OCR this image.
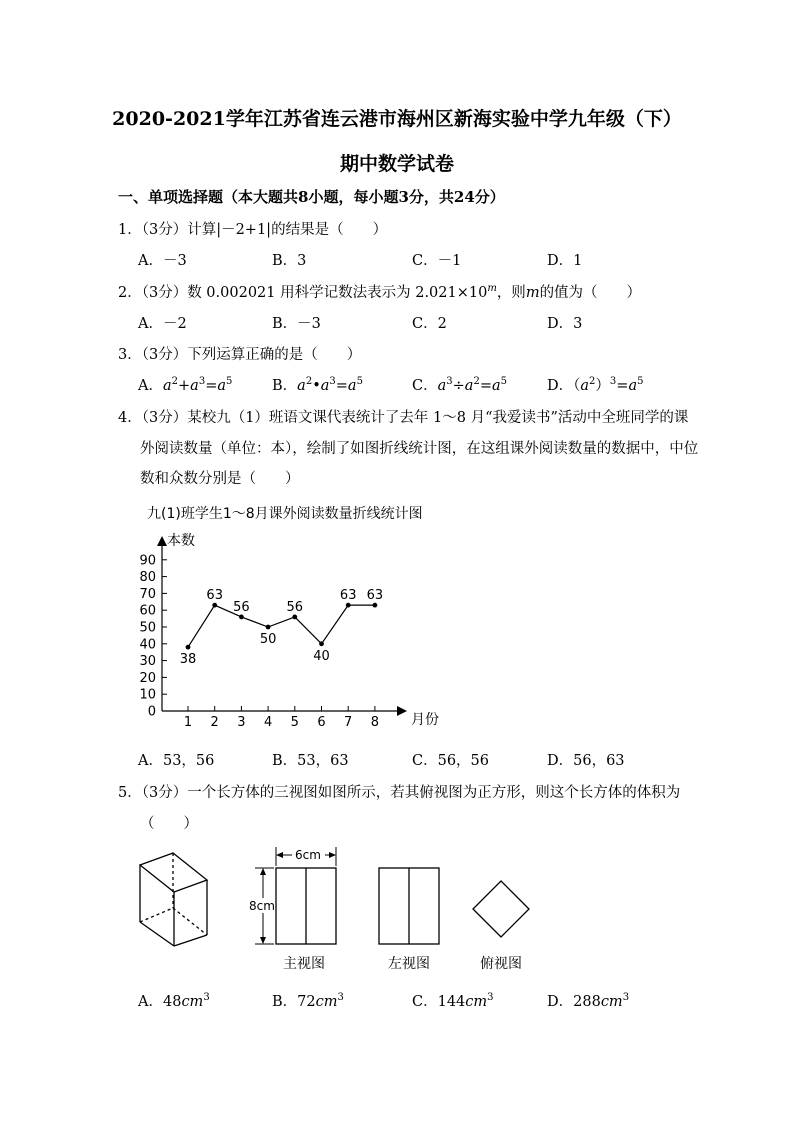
2020-2021学年江苏省连云港市海州区新海实验中学九年级（下）
期中数学试卷
一、单项选择题（本大题共8小题，每小题3分，共24分）
1．（3分）计算|－2+1|的结果是（　　）
A．－3	B．3	C．－1	D．1
2．（3分）数 0.002021 用科学记数法表示为 $2.021\times 10^m$，则m的值为（　　）
A．－2	B．－3	C．2	D．3
3．（3分）下列运算正确的是（　　）
A．$a^2+a^3=a^5$	B．$a^2•a^3=a^5$	C．$a^3\div a^2=a^5$	D．$(a^2)^3=a^5$
4．（3分）某校九（1）班语文课代表统计了去年 1～8 月“我爱读书”活动中全班同学的课
外阅读数量（单位：本），绘制了如图折线统计图，在这组课外阅读数量的数据中，中位
数和众数分别是（　　）
九(1)班学生1～8月课外阅读数量折线统计图
本数
月份
0
10
20
30
40
50
60
70
80
90
1 2 3 4 5 6 7 8
38
63
56
50
56
40
63 63
A．53，56	B．53，63	C．56，56	D．56，63
5．（3分）一个长方体的三视图如图所示，若其俯视图为正方形，则这个长方体的体积为
（　　）
6cm
8cm
主视图	左视图	俯视图
A．$48cm^3$	B．$72cm^3$	C．$144cm^3$	D．$288cm^3$
